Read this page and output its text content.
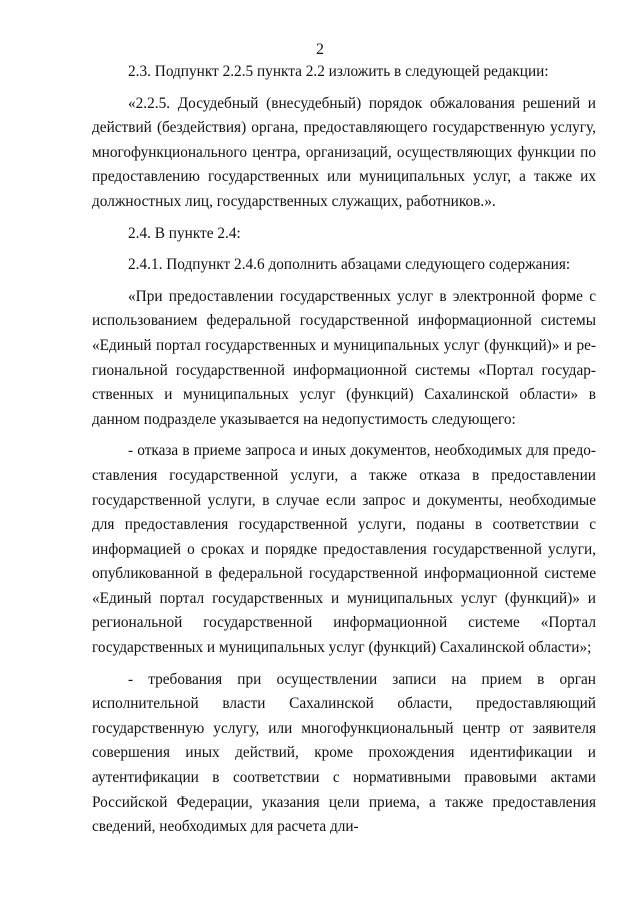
2

2.3. Подпункт 2.2.5 пункта 2.2 изложить в следующей редакции:

«2.2.5. Досудебный (внесудебный) порядок обжалования решений и действий (бездействия) органа, предоставляющего государственную услугу, многофункционального центра, организаций, осуществляющих функции по предоставлению государственных или муниципальных услуг, а также их должностных лиц, государственных служащих, работников.».

2.4. В пункте 2.4:

2.4.1. Подпункт 2.4.6 дополнить абзацами следующего содержания:

«При предоставлении государственных услуг в электронной форме с использованием федеральной государственной информационной системы «Единый портал государственных и муниципальных услуг (функций)» и региональной государственной информационной системы «Портал государственных и муниципальных услуг (функций) Сахалинской области» в данном подразделе указывается на недопустимость следующего:

- отказа в приеме запроса и иных документов, необходимых для предоставления государственной услуги, а также отказа в предоставлении государственной услуги, в случае если запрос и документы, необходимые для предоставления государственной услуги, поданы в соответствии с информацией о сроках и порядке предоставления государственной услуги, опубликованной в федеральной государственной информационной системе «Единый портал государственных и муниципальных услуг (функций)» и региональной государственной информационной системе «Портал государственных и муниципальных услуг (функций) Сахалинской области»;

- требования при осуществлении записи на прием в орган исполнительной власти Сахалинской области, предоставляющий государственную услугу, или многофункциональный центр от заявителя совершения иных действий, кроме прохождения идентификации и аутентификации в соответствии с нормативными правовыми актами Российской Федерации, указания цели приема, а также предоставления сведений, необходимых для расчета дли-
